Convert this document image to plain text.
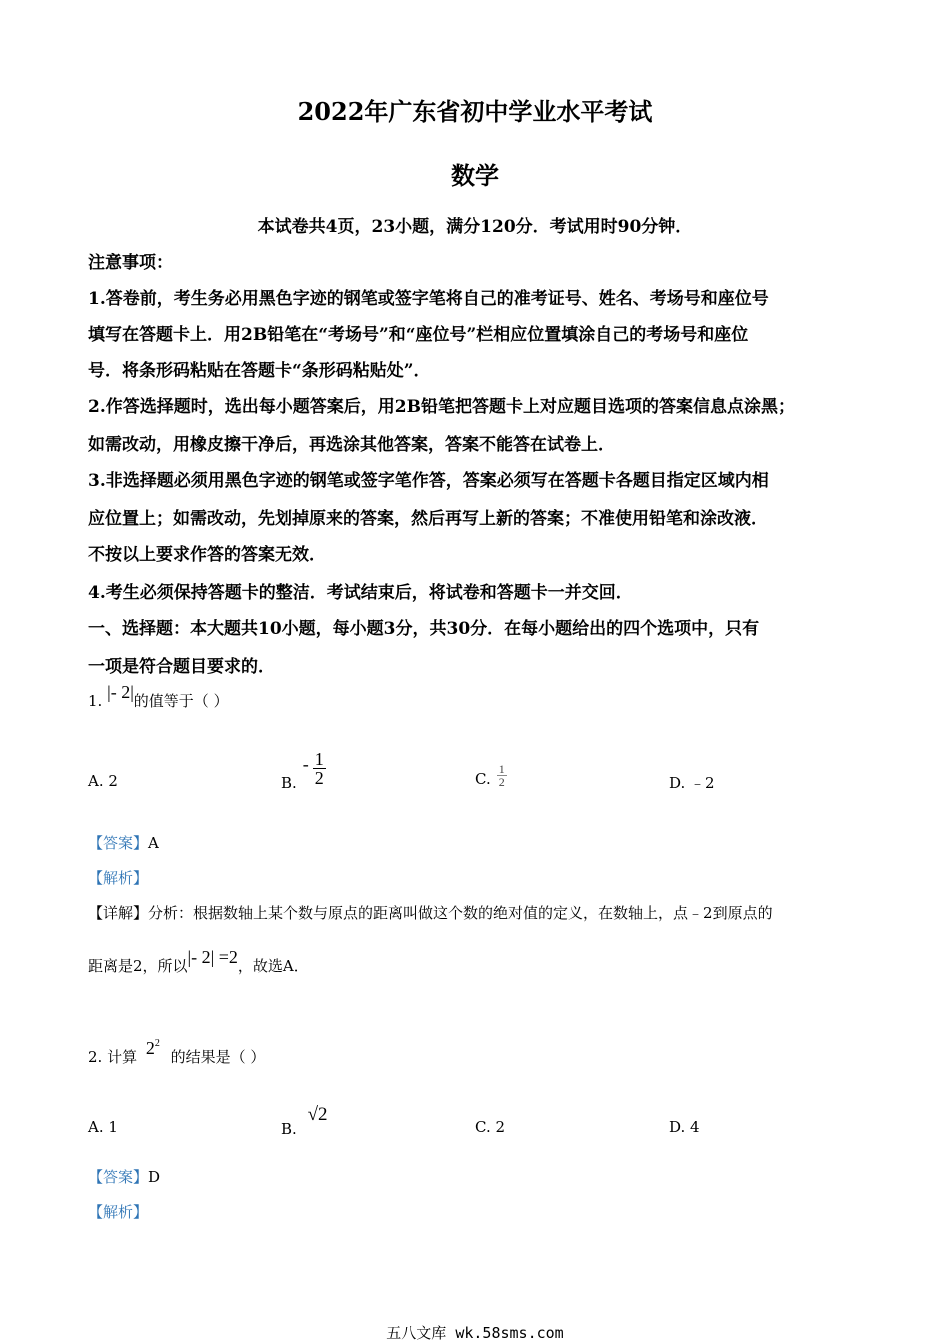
2022年广东省初中学业水平考试
数学
本试卷共4页，23小题，满分120分．考试用时90分钟．
注意事项：
1.答卷前，考生务必用黑色字迹的钢笔或签字笔将自己的准考证号、姓名、考场号和座位号
填写在答题卡上．用2B铅笔在“考场号”和“座位号”栏相应位置填涂自己的考场号和座位
号．将条形码粘贴在答题卡“条形码粘贴处”．
2.作答选择题时，选出每小题答案后，用2B铅笔把答题卡上对应题目选项的答案信息点涂黑；
如需改动，用橡皮擦干净后，再选涂其他答案，答案不能答在试卷上．
3.非选择题必须用黑色字迹的钢笔或签字笔作答，答案必须写在答题卡各题目指定区域内相
应位置上；如需改动，先划掉原来的答案，然后再写上新的答案；不准使用铅笔和涂改液．
不按以上要求作答的答案无效．
4.考生必须保持答题卡的整洁．考试结束后，将试卷和答题卡一并交回．
一、选择题：本大题共10小题，每小题3分，共30分．在每小题给出的四个选项中，只有
一项是符合题目要求的．
1. |- 2|的值等于（ ）
A. 2	B.
- $\frac{1}{2}$	C. $\frac{1}{2}$	D. ﹣2
【答案】A
【解析】
【详解】分析：根据数轴上某个数与原点的距离叫做这个数的绝对值的定义，在数轴上，点﹣2到原点的
距离是2，所以|- 2| =2，故选A．
2. 计算 $2^2$ 的结果是（ ）
A. 1	B. √2
C. 2	D. 4
【答案】D
【解析】
五八文库 wk.58sms.com
